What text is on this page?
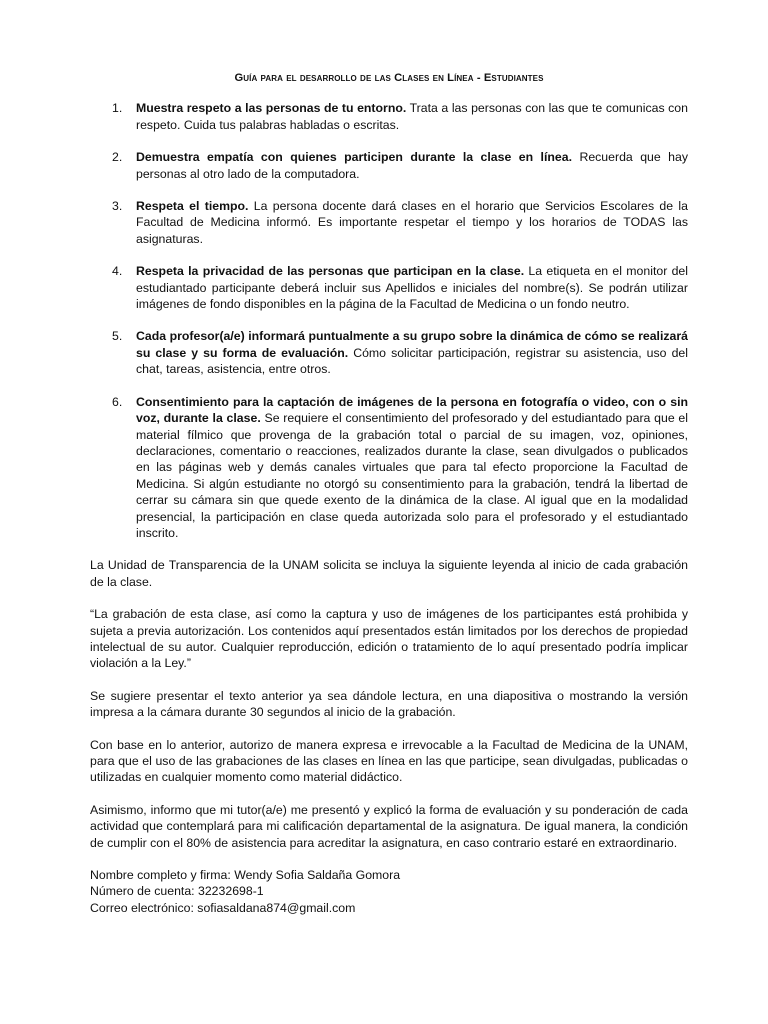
Guía para el desarrollo de las Clases en Línea - Estudiantes
1. Muestra respeto a las personas de tu entorno. Trata a las personas con las que te comunicas con respeto. Cuida tus palabras habladas o escritas.
2. Demuestra empatía con quienes participen durante la clase en línea. Recuerda que hay personas al otro lado de la computadora.
3. Respeta el tiempo. La persona docente dará clases en el horario que Servicios Escolares de la Facultad de Medicina informó. Es importante respetar el tiempo y los horarios de TODAS las asignaturas.
4. Respeta la privacidad de las personas que participan en la clase. La etiqueta en el monitor del estudiantado participante deberá incluir sus Apellidos e iniciales del nombre(s). Se podrán utilizar imágenes de fondo disponibles en la página de la Facultad de Medicina o un fondo neutro.
5. Cada profesor(a/e) informará puntualmente a su grupo sobre la dinámica de cómo se realizará su clase y su forma de evaluación. Cómo solicitar participación, registrar su asistencia, uso del chat, tareas, asistencia, entre otros.
6. Consentimiento para la captación de imágenes de la persona en fotografía o video, con o sin voz, durante la clase. Se requiere el consentimiento del profesorado y del estudiantado para que el material fílmico que provenga de la grabación total o parcial de su imagen, voz, opiniones, declaraciones, comentario o reacciones, realizados durante la clase, sean divulgados o publicados en las páginas web y demás canales virtuales que para tal efecto proporcione la Facultad de Medicina. Si algún estudiante no otorgó su consentimiento para la grabación, tendrá la libertad de cerrar su cámara sin que quede exento de la dinámica de la clase. Al igual que en la modalidad presencial, la participación en clase queda autorizada solo para el profesorado y el estudiantado inscrito.

La Unidad de Transparencia de la UNAM solicita se incluya la siguiente leyenda al inicio de cada grabación de la clase.

“La grabación de esta clase, así como la captura y uso de imágenes de los participantes está prohibida y sujeta a previa autorización. Los contenidos aquí presentados están limitados por los derechos de propiedad intelectual de su autor. Cualquier reproducción, edición o tratamiento de lo aquí presentado podría implicar violación a la Ley.”

Se sugiere presentar el texto anterior ya sea dándole lectura, en una diapositiva o mostrando la versión impresa a la cámara durante 30 segundos al inicio de la grabación.

Con base en lo anterior, autorizo de manera expresa e irrevocable a la Facultad de Medicina de la UNAM, para que el uso de las grabaciones de las clases en línea en las que participe, sean divulgadas, publicadas o utilizadas en cualquier momento como material didáctico.

Asimismo, informo que mi tutor(a/e) me presentó y explicó la forma de evaluación y su ponderación de cada actividad que contemplará para mi calificación departamental de la asignatura. De igual manera, la condición de cumplir con el 80% de asistencia para acreditar la asignatura, en caso contrario estaré en extraordinario.

Nombre completo y firma: Wendy Sofia Saldaña Gomora

Número de cuenta: 32232698-1

Correo electrónico: sofiasaldana874@gmail.com
